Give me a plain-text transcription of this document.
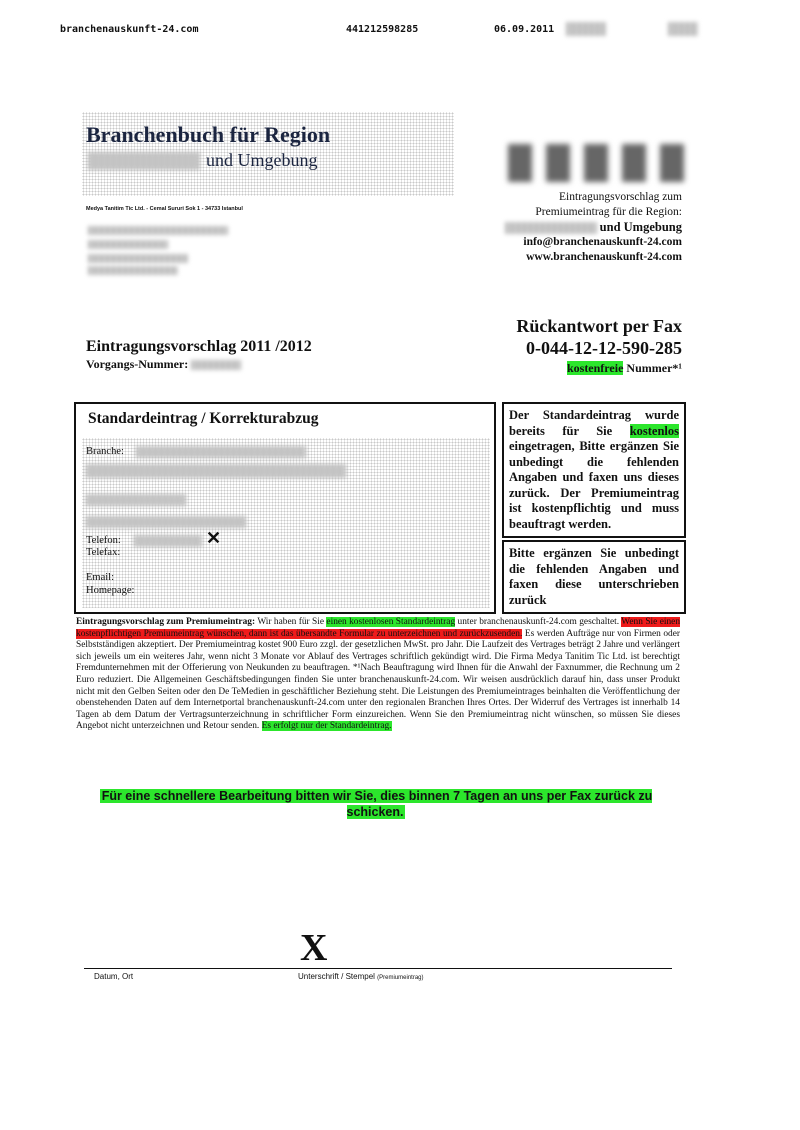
branchenauskunft-24.com	441212598285	06.09.2011
Branchenbuch für Region
und Umgebung
Medya Tanitim Tic Ltd. - Cemal Sururi Sok 1 - 34733 Istanbul
Eintragungsvorschlag zum
Premiumeintrag für die Region:
und Umgebung
info@branchenauskunft-24.com
www.branchenauskunft-24.com
Rückantwort per Fax
0-044-12-12-590-285
kostenfreie Nummer*¹
Eintragungsvorschlag 2011 /2012
Vorgangs-Nummer:
Standardeintrag / Korrekturabzug
Branche:
Telefon:	✕
Telefax:
Email:
Homepage:
Der Standardeintrag wurde bereits für Sie kostenlos eingetragen, Bitte ergänzen Sie unbedingt die fehlenden Angaben und faxen uns dieses zurück. Der Premiumeintrag ist kostenpflichtig und muss beauftragt werden.
Bitte ergänzen Sie unbedingt die fehlenden Angaben und faxen diese unterschrieben zurück
Eintragungsvorschlag zum Premiumeintrag: Wir haben für Sie einen kostenlosen Standardeintrag unter branchenauskunft-24.com geschaltet. Wenn Sie einen kostenpflichtigen Premiumeintrag wünschen, dann ist das übersandte Formular zu unterzeichnen und zurückzusenden. Es werden Aufträge nur von Firmen oder Selbstständigen akzeptiert. Der Premiumeintrag kostet 900 Euro zzgl. der gesetzlichen MwSt. pro Jahr. Die Laufzeit des Vertrages beträgt 2 Jahre und verlängert sich jeweils um ein weiteres Jahr, wenn nicht 3 Monate vor Ablauf des Vertrages schriftlich gekündigt wird. Die Firma Medya Tanitim Tic Ltd. ist berechtigt Fremdunternehmen mit der Offerierung von Neukunden zu beauftragen. *¹Nach Beauftragung wird Ihnen für die Anwahl der Faxnummer, die Rechnung um 2 Euro reduziert. Die Allgemeinen Geschäftsbedingungen finden Sie unter branchenauskunft-24.com. Wir weisen ausdrücklich darauf hin, dass unser Produkt nicht mit den Gelben Seiten oder den De TeMedien in geschäftlicher Beziehung steht. Die Leistungen des Premiumeintrages beinhalten die Veröffentlichung der obenstehenden Daten auf dem Internetportal branchenauskunft-24.com unter den regionalen Branchen Ihres Ortes. Der Widerruf des Vertrages ist innerhalb 14 Tagen ab dem Datum der Vertragsunterzeichnung in schriftlicher Form einzureichen. Wenn Sie den Premiumeintrag nicht wünschen, so müssen Sie dieses Angebot nicht unterzeichnen und Retour senden. Es erfolgt nur der Standardeintrag.
Für eine schnellere Bearbeitung bitten wir Sie, dies binnen 7 Tagen an uns per Fax zurück zu schicken.
X
Datum, Ort	Unterschrift / Stempel (Premiumeintrag)
